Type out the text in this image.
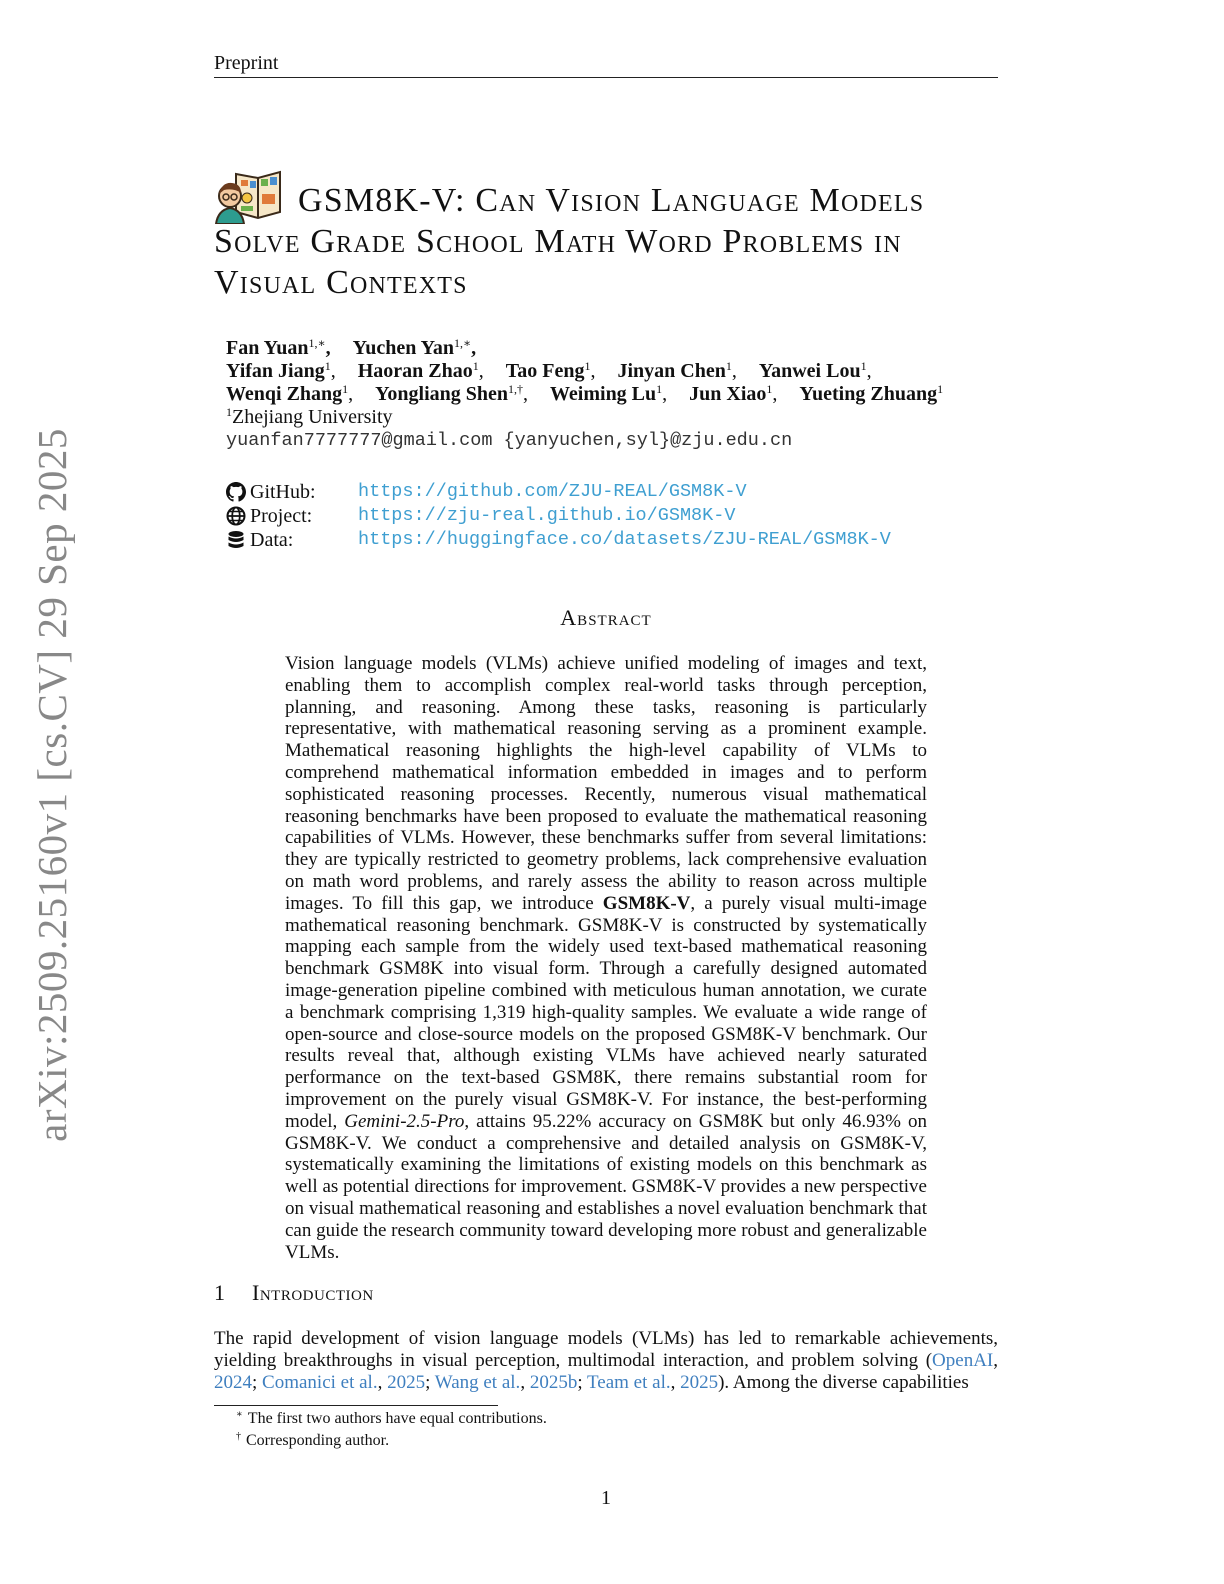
Preprint
arXiv:2509.25160v1 [cs.CV] 29 Sep 2025
GSM8K-V: Can Vision Language Models
Solve Grade School Math Word Problems in
Visual Contexts
Fan Yuan$^{1,∗}$, Yuchen Yan$^{1,∗}$,
Yifan Jiang$^1$, Haoran Zhao$^1$, Tao Feng$^1$, Jinyan Chen$^1$, Yanwei Lou$^1$,
Wenqi Zhang$^1$, Yongliang Shen$^{1,\dagger}$, Weiming Lu$^1$, Jun Xiao$^1$, Yueting Zhuang$^1$
$^1$Zhejiang University
yuanfan7777777@gmail.com {yanyuchen,syl}@zju.edu.cn
GitHub:	https://github.com/ZJU-REAL/GSM8K-V
Project:	https://zju-real.github.io/GSM8K-V
Data:	https://huggingface.co/datasets/ZJU-REAL/GSM8K-V
Abstract
Vision language models (VLMs) achieve unified modeling of images and text, enabling them to accomplish complex real-world tasks through perception, planning, and reasoning. Among these tasks, reasoning is particularly representative, with mathematical reasoning serving as a prominent example. Mathematical reasoning highlights the high-level capability of VLMs to comprehend mathematical information embedded in images and to perform sophisticated reasoning processes. Recently, numerous visual mathematical reasoning benchmarks have been proposed to evaluate the mathematical reasoning capabilities of VLMs. However, these benchmarks suffer from several limitations: they are typically restricted to geometry problems, lack comprehensive evaluation on math word problems, and rarely assess the ability to reason across multiple images. To fill this gap, we introduce GSM8K-V, a purely visual multi-image mathematical reasoning benchmark. GSM8K-V is constructed by systematically mapping each sample from the widely used text-based mathematical reasoning benchmark GSM8K into visual form. Through a carefully designed automated image-generation pipeline combined with meticulous human annotation, we curate a benchmark comprising 1,319 high-quality samples. We evaluate a wide range of open-source and close-source models on the proposed GSM8K-V benchmark. Our results reveal that, although existing VLMs have achieved nearly saturated performance on the text-based GSM8K, there remains substantial room for improvement on the purely visual GSM8K-V. For instance, the best-performing model, Gemini-2.5-Pro, attains 95.22% accuracy on GSM8K but only 46.93% on GSM8K-V. We conduct a comprehensive and detailed analysis on GSM8K-V, systematically examining the limitations of existing models on this benchmark as well as potential directions for improvement. GSM8K-V provides a new perspective on visual mathematical reasoning and establishes a novel evaluation benchmark that can guide the research community toward developing more robust and generalizable VLMs.
1 Introduction
The rapid development of vision language models (VLMs) has led to remarkable achievements, yielding breakthroughs in visual perception, multimodal interaction, and problem solving (OpenAI, 2024; Comanici et al., 2025; Wang et al., 2025b; Team et al., 2025). Among the diverse capabilities
∗ The first two authors have equal contributions.
† Corresponding author.
1
